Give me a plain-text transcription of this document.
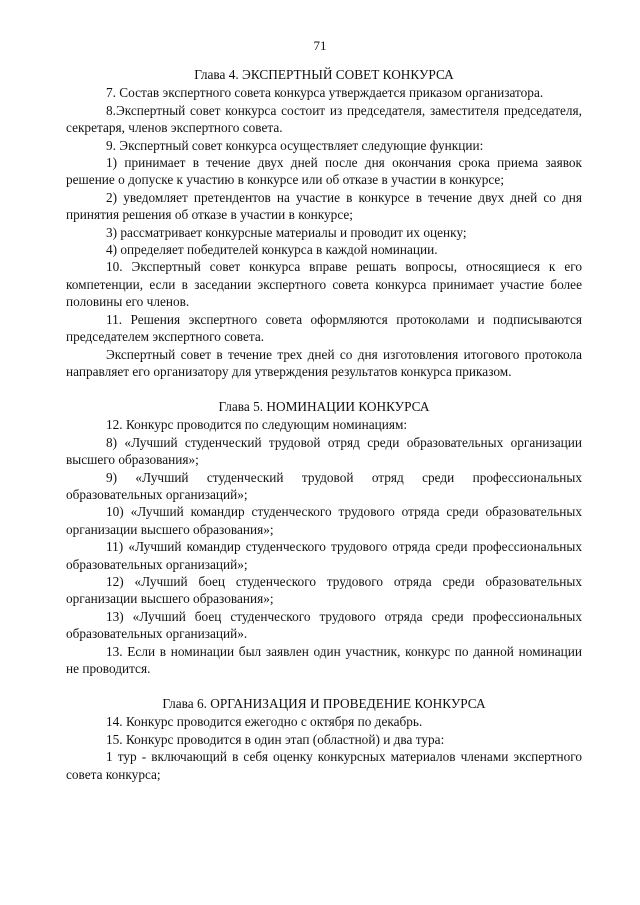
71
Глава 4. ЭКСПЕРТНЫЙ СОВЕТ КОНКУРСА

7. Состав экспертного совета конкурса утверждается приказом организатора.

8.Экспертный совет конкурса состоит из председателя, заместителя председателя, секретаря, членов экспертного совета.

9. Экспертный совет конкурса осуществляет следующие функции:

1) принимает в течение двух дней после дня окончания срока приема заявок решение о допуске к участию в конкурсе или об отказе в участии в конкурсе;

2) уведомляет претендентов на участие в конкурсе в течение двух дней со дня принятия решения об отказе в участии в конкурсе;

3) рассматривает конкурсные материалы и проводит их оценку;

4) определяет победителей конкурса в каждой номинации.

10. Экспертный совет конкурса вправе решать вопросы, относящиеся к его компетенции, если в заседании экспертного совета конкурса принимает участие более половины его членов.

11. Решения экспертного совета оформляются протоколами и подписываются председателем экспертного совета.

Экспертный совет в течение трех дней со дня изготовления итогового протокола направляет его организатору для утверждения результатов конкурса приказом.

Глава 5. НОМИНАЦИИ КОНКУРСА

12. Конкурс проводится по следующим номинациям:

8) «Лучший студенческий трудовой отряд среди образовательных организации высшего образования»;

9) «Лучший студенческий трудовой отряд среди профессиональных образовательных организаций»;

10) «Лучший командир студенческого трудового отряда среди образовательных организации высшего образования»;

11) «Лучший командир студенческого трудового отряда среди профессиональных образовательных организаций»;

12) «Лучший боец студенческого трудового отряда среди образовательных организации высшего образования»;

13) «Лучший боец студенческого трудового отряда среди профессиональных образовательных организаций».

13. Если в номинации был заявлен один участник, конкурс по данной номинации не проводится.

Глава 6. ОРГАНИЗАЦИЯ И ПРОВЕДЕНИЕ КОНКУРСА

14. Конкурс проводится ежегодно с октября по декабрь.

15. Конкурс проводится в один этап (областной) и два тура:

1 тур - включающий в себя оценку конкурсных материалов членами экспертного совета конкурса;
